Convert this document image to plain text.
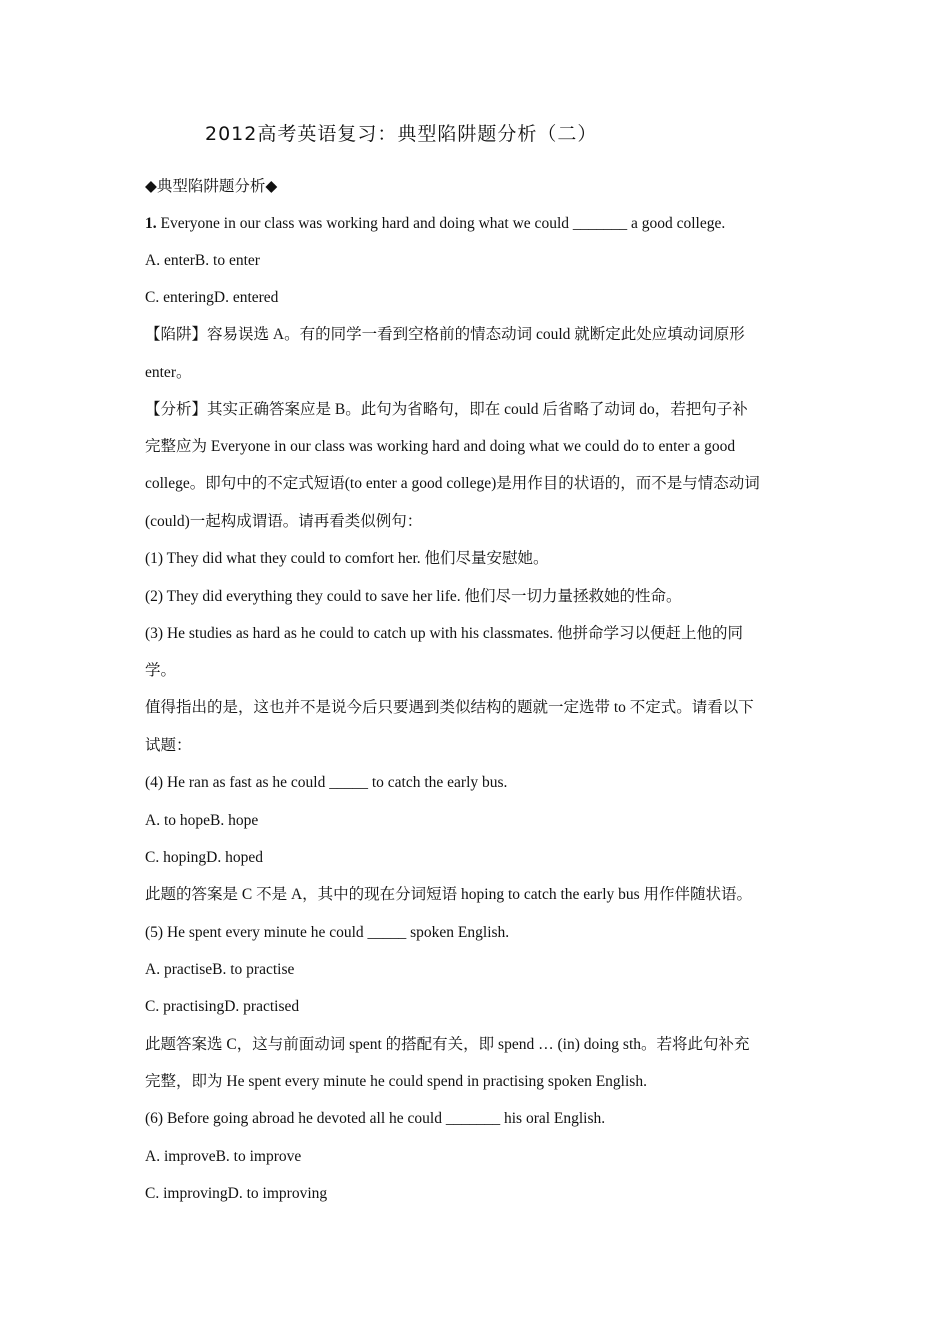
2012高考英语复习：典型陷阱题分析（二）
◆典型陷阱题分析◆
1. Everyone in our class was working hard and doing what we could _______ a good college.
A. enterB. to enter
C. enteringD. entered
【陷阱】容易误选 A。有的同学一看到空格前的情态动词 could 就断定此处应填动词原形
enter。
【分析】其实正确答案应是 B。此句为省略句，即在 could 后省略了动词 do，若把句子补
完整应为 Everyone in our class was working hard and doing what we could do to enter a good
college。即句中的不定式短语(to enter a good college)是用作目的状语的，而不是与情态动词
(could)一起构成谓语。请再看类似例句：
(1) They did what they could to comfort her. 他们尽量安慰她。
(2) They did everything they could to save her life. 他们尽一切力量拯救她的性命。
(3) He studies as hard as he could to catch up with his classmates. 他拼命学习以便赶上他的同
学。
值得指出的是，这也并不是说今后只要遇到类似结构的题就一定选带 to 不定式。请看以下
试题：
(4) He ran as fast as he could _____ to catch the early bus.
A. to hopeB. hope
C. hopingD. hoped
此题的答案是 C 不是 A，其中的现在分词短语 hoping to catch the early bus 用作伴随状语。
(5) He spent every minute he could _____ spoken English.
A. practiseB. to practise
C. practisingD. practised
此题答案选 C，这与前面动词 spent 的搭配有关，即 spend … (in) doing sth。若将此句补充
完整，即为 He spent every minute he could spend in practising spoken English.
(6) Before going abroad he devoted all he could _______ his oral English.
A. improveB. to improve
C. improvingD. to improving
